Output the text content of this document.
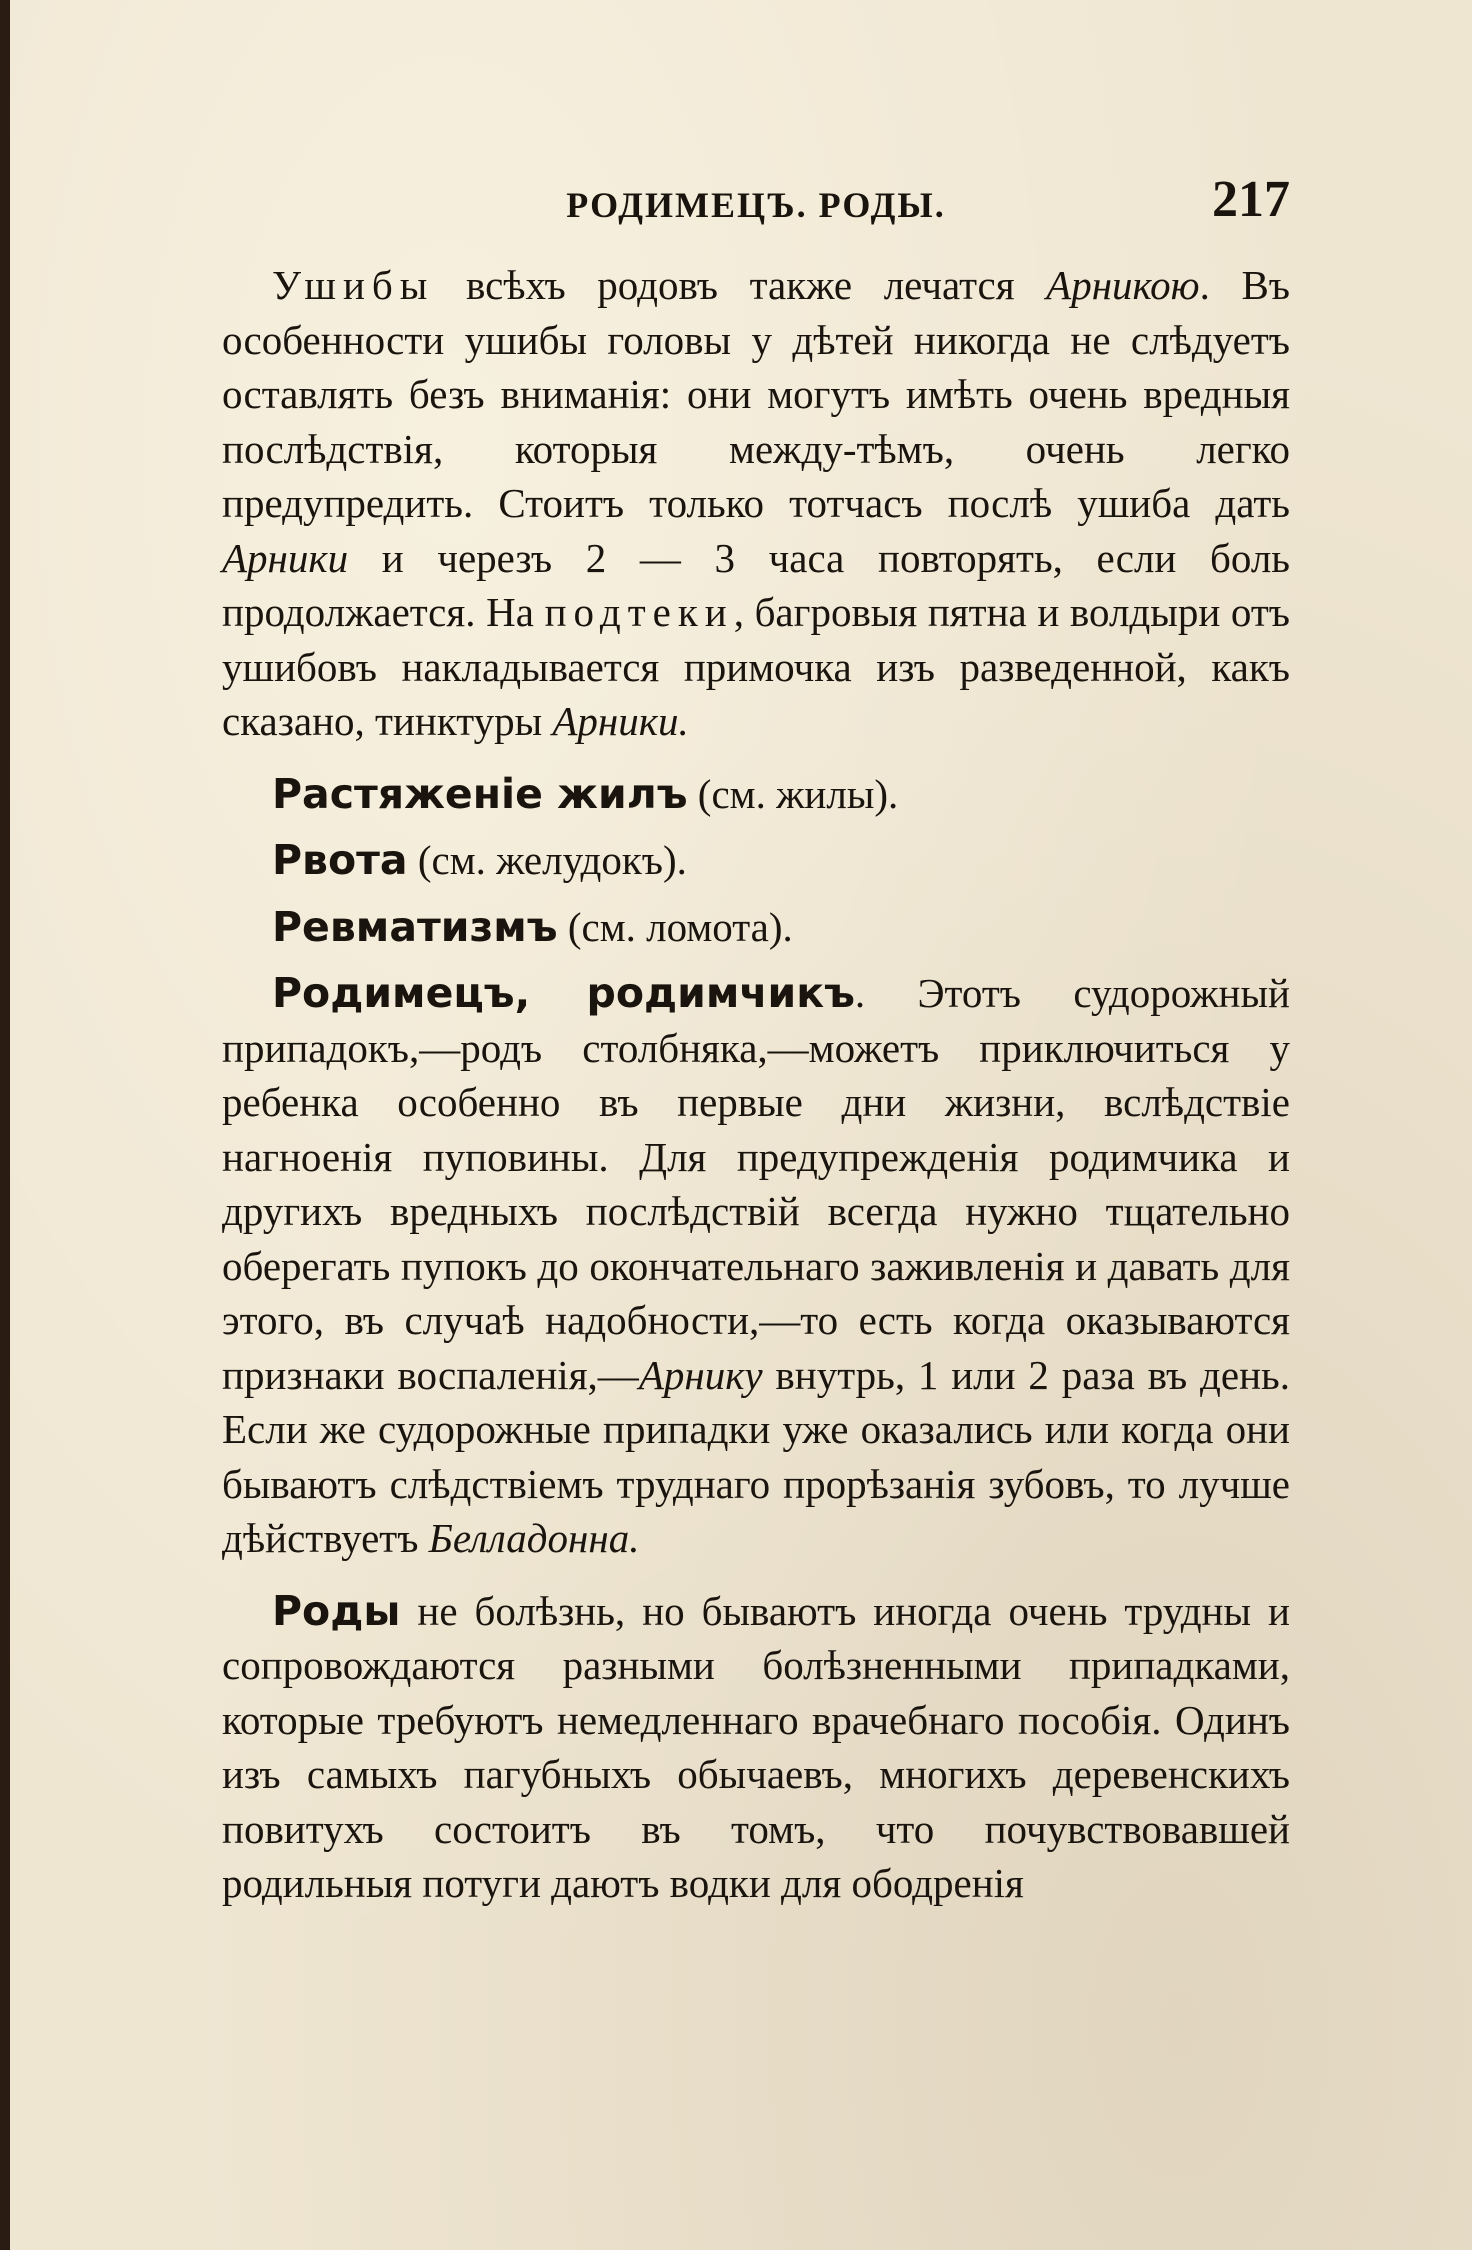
РОДИМЕЦЪ. РОДЫ.	217

Ушибы всѣхъ родовъ также лечатся Арникою. Въ особенности ушибы головы у дѣтей никогда не слѣдуетъ оставлять безъ вниманія: они могутъ имѣть очень вредныя послѣдствія, которыя между-тѣмъ, очень легко предупредить. Стоитъ только тотчасъ послѣ ушиба дать Арники и черезъ 2 — 3 часа повторять, если боль продолжается. На подтеки, багровыя пятна и волдыри отъ ушибовъ накладывается примочка изъ разведенной, какъ сказано, тинктуры Арники.

Растяженіе жилъ (см. жилы).

Рвота (см. желудокъ).

Ревматизмъ (см. ломота).

Родимецъ, родимчикъ. Этотъ судорожный припадокъ,—родъ столбняка,—можетъ приключиться у ребенка особенно въ первые дни жизни, вслѣдствіе нагноенія пуповины. Для предупрежденія родимчика и другихъ вредныхъ послѣдствій всегда нужно тщательно оберегать пупокъ до окончательнаго заживленія и давать для этого, въ случаѣ надобности,—то есть когда оказываются признаки воспаленія,—Арнику внутрь, 1 или 2 раза въ день. Если же судорожные припадки уже оказались или когда они бываютъ слѣдствіемъ труднаго прорѣзанія зубовъ, то лучше дѣйствуетъ Белладонна.

Роды не болѣзнь, но бываютъ иногда очень трудны и сопровождаются разными болѣзненными припадками, которые требуютъ немедленнаго врачебнаго пособія. Одинъ изъ самыхъ пагубныхъ обычаевъ, многихъ деревенскихъ повитухъ состоитъ въ томъ, что почувствовавшей родильныя потуги даютъ водки для ободренія
